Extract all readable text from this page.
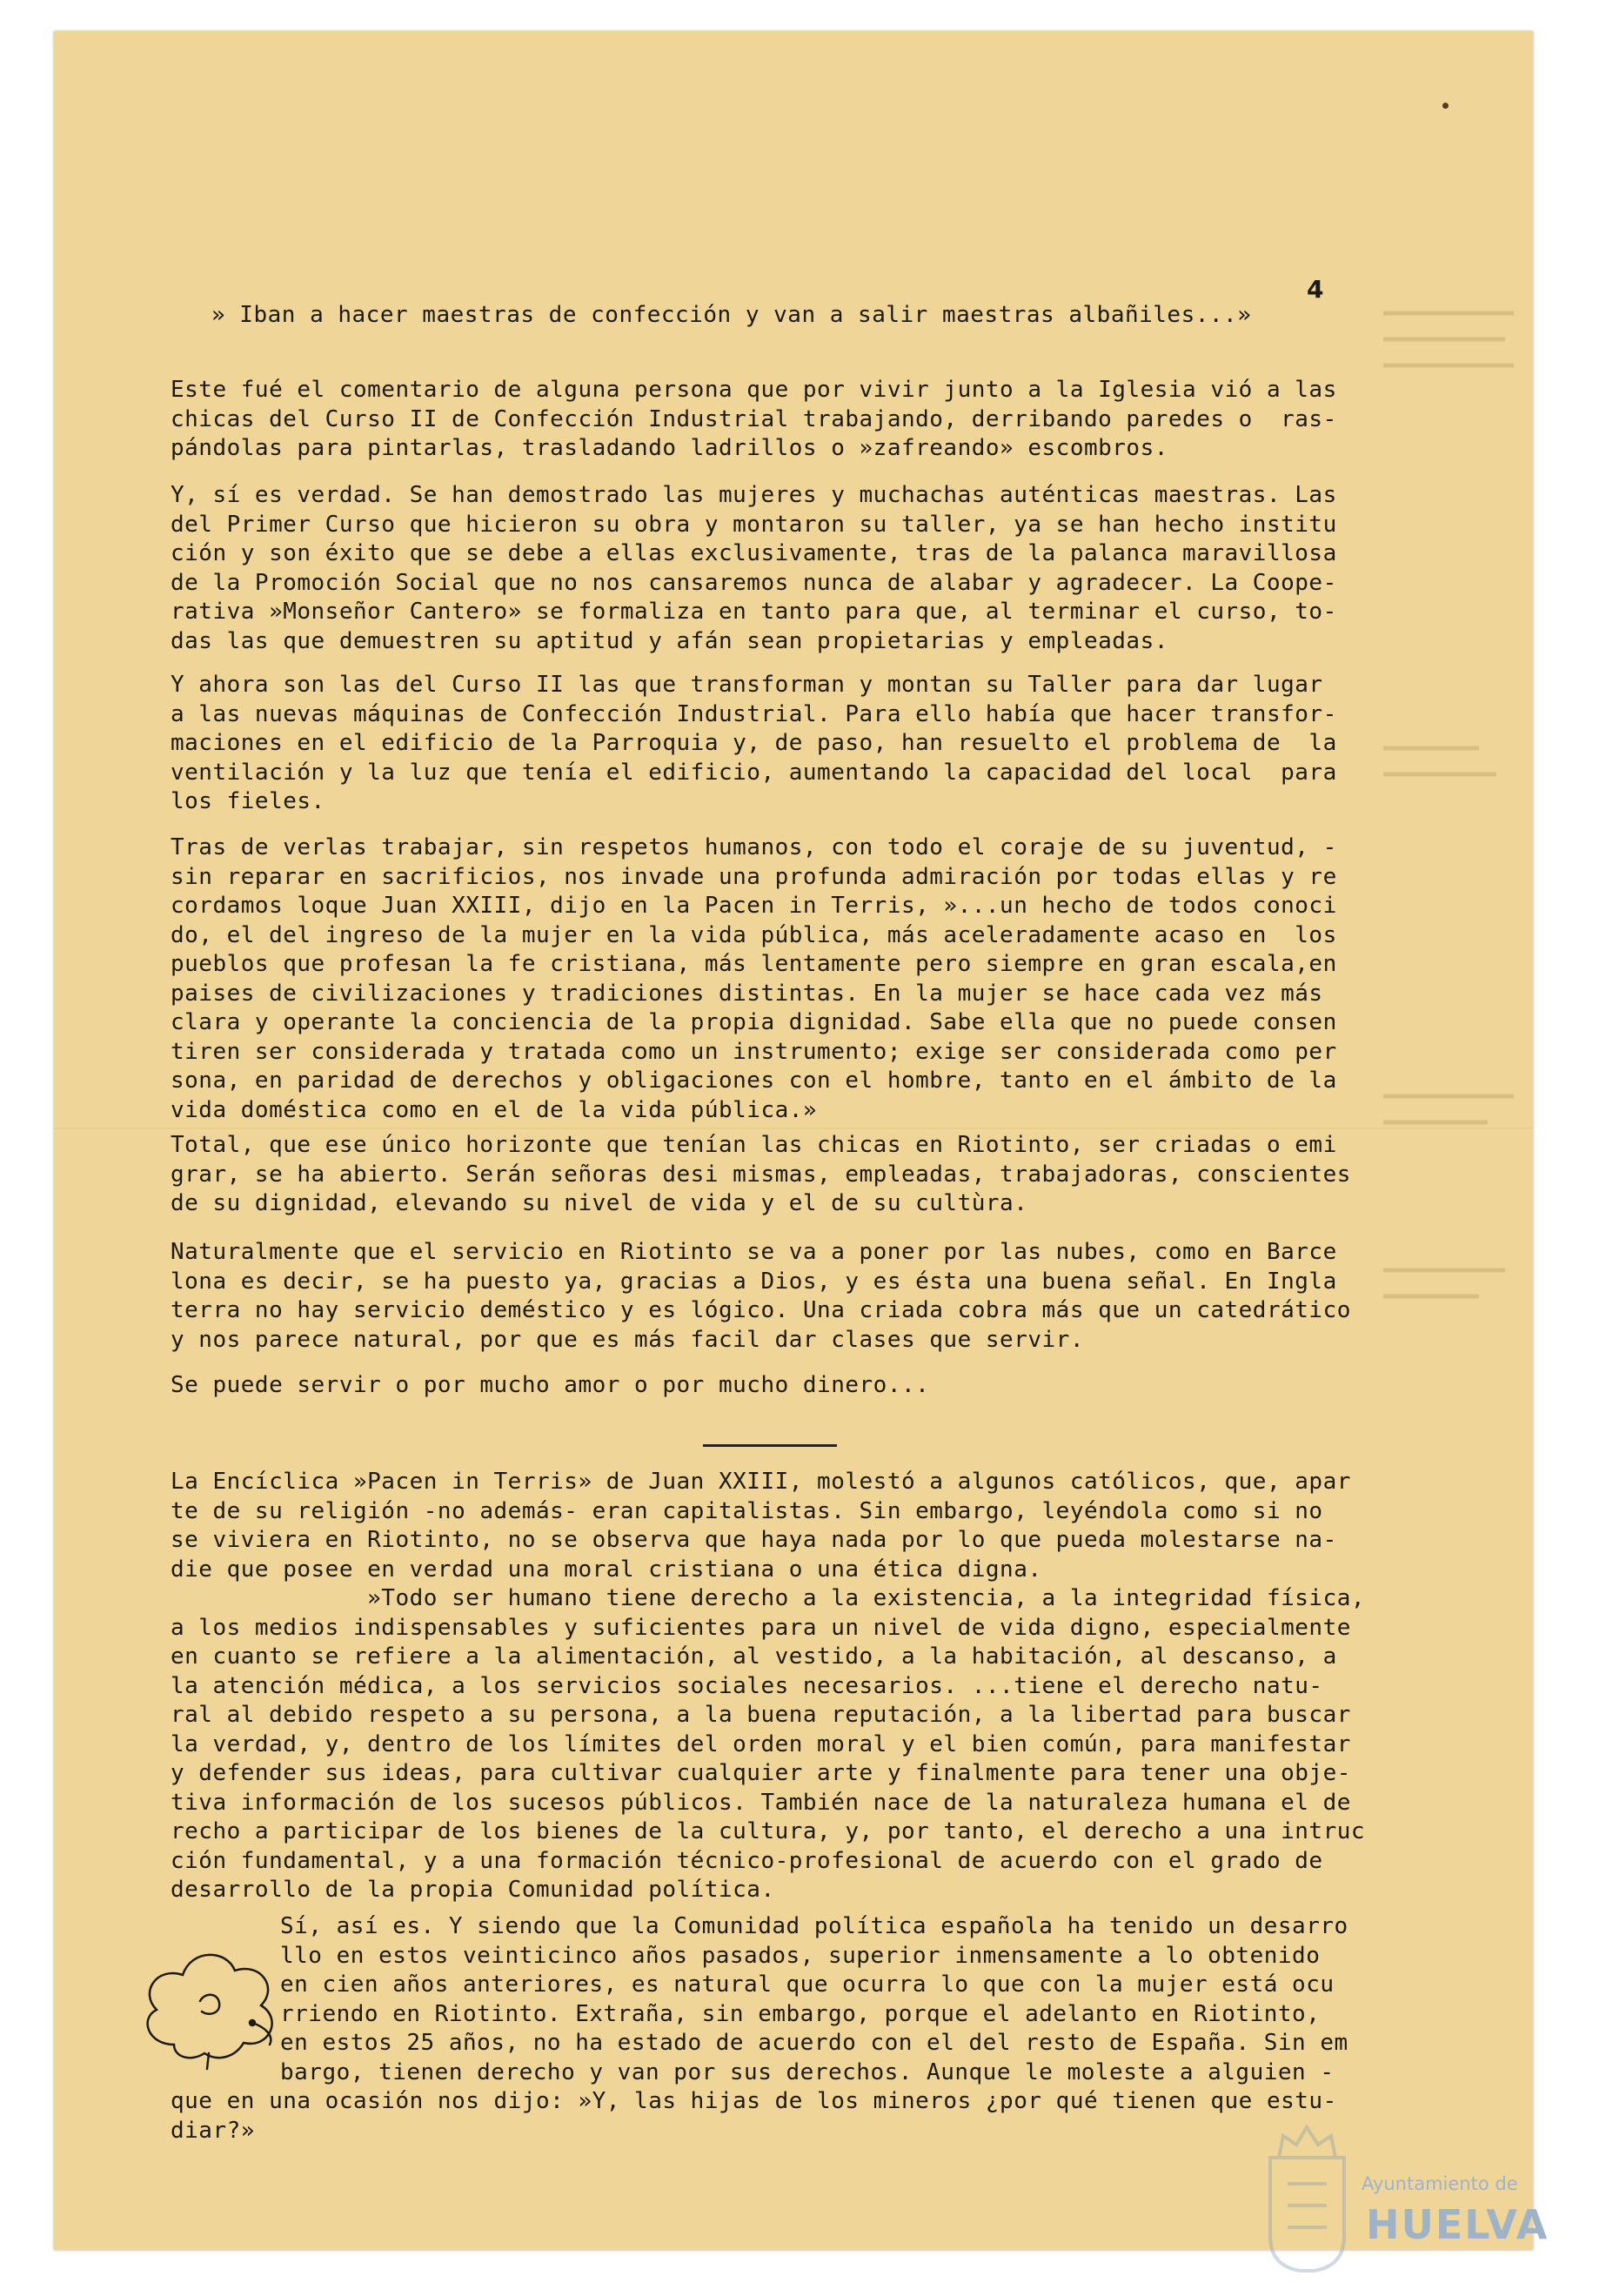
4
» Iban a hacer maestras de confección y van a salir maestras albañiles...»
Este fué el comentario de alguna persona que por vivir junto a la Iglesia vió a las
chicas del Curso II de Confección Industrial trabajando, derribando paredes o  ras-
pándolas para pintarlas, trasladando ladrillos o »zafreando» escombros.
Y, sí es verdad. Se han demostrado las mujeres y muchachas auténticas maestras. Las
del Primer Curso que hicieron su obra y montaron su taller, ya se han hecho institu
ción y son éxito que se debe a ellas exclusivamente, tras de la palanca maravillosa
de la Promoción Social que no nos cansaremos nunca de alabar y agradecer. La Coope-
rativa »Monseñor Cantero» se formaliza en tanto para que, al terminar el curso, to-
das las que demuestren su aptitud y afán sean propietarias y empleadas.
Y ahora son las del Curso II las que transforman y montan su Taller para dar lugar
a las nuevas máquinas de Confección Industrial. Para ello había que hacer transfor-
maciones en el edificio de la Parroquia y, de paso, han resuelto el problema de  la
ventilación y la luz que tenía el edificio, aumentando la capacidad del local  para
los fieles.
Tras de verlas trabajar, sin respetos humanos, con todo el coraje de su juventud, -
sin reparar en sacrificios, nos invade una profunda admiración por todas ellas y re
cordamos loque Juan XXIII, dijo en la Pacen in Terris, »...un hecho de todos conoci
do, el del ingreso de la mujer en la vida pública, más aceleradamente acaso en  los
pueblos que profesan la fe cristiana, más lentamente pero siempre en gran escala,en
paises de civilizaciones y tradiciones distintas. En la mujer se hace cada vez más
clara y operante la conciencia de la propia dignidad. Sabe ella que no puede consen
tiren ser considerada y tratada como un instrumento; exige ser considerada como per
sona, en paridad de derechos y obligaciones con el hombre, tanto en el ámbito de la
vida doméstica como en el de la vida pública.»
Total, que ese único horizonte que tenían las chicas en Riotinto, ser criadas o emi
grar, se ha abierto. Serán señoras desi mismas, empleadas, trabajadoras, conscientes
de su dignidad, elevando su nivel de vida y el de su cultùra.
Naturalmente que el servicio en Riotinto se va a poner por las nubes, como en Barce
lona es decir, se ha puesto ya, gracias a Dios, y es ésta una buena señal. En Ingla
terra no hay servicio deméstico y es lógico. Una criada cobra más que un catedrático
y nos parece natural, por que es más facil dar clases que servir.
Se puede servir o por mucho amor o por mucho dinero...
La Encíclica »Pacen in Terris» de Juan XXIII, molestó a algunos católicos, que, apar
te de su religión -no además- eran capitalistas. Sin embargo, leyéndola como si no
se viviera en Riotinto, no se observa que haya nada por lo que pueda molestarse na-
die que posee en verdad una moral cristiana o una ética digna.
»Todo ser humano tiene derecho a la existencia, a la integridad física,
a los medios indispensables y suficientes para un nivel de vida digno, especialmente
en cuanto se refiere a la alimentación, al vestido, a la habitación, al descanso, a
la atención médica, a los servicios sociales necesarios. ...tiene el derecho natu-
ral al debido respeto a su persona, a la buena reputación, a la libertad para buscar
la verdad, y, dentro de los límites del orden moral y el bien común, para manifestar
y defender sus ideas, para cultivar cualquier arte y finalmente para tener una obje-
tiva información de los sucesos públicos. También nace de la naturaleza humana el de
recho a participar de los bienes de la cultura, y, por tanto, el derecho a una intruc
ción fundamental, y a una formación técnico-profesional de acuerdo con el grado de
desarrollo de la propia Comunidad política.
Sí, así es. Y siendo que la Comunidad política española ha tenido un desarro
llo en estos veinticinco años pasados, superior inmensamente a lo obtenido
en cien años anteriores, es natural que ocurra lo que con la mujer está ocu
rriendo en Riotinto. Extraña, sin embargo, porque el adelanto en Riotinto,
en estos 25 años, no ha estado de acuerdo con el del resto de España. Sin em
bargo, tienen derecho y van por sus derechos. Aunque le moleste a alguien -
que en una ocasión nos dijo: »Y, las hijas de los mineros ¿por qué tienen que estu-
diar?»
Ayuntamiento de
HUELVA
